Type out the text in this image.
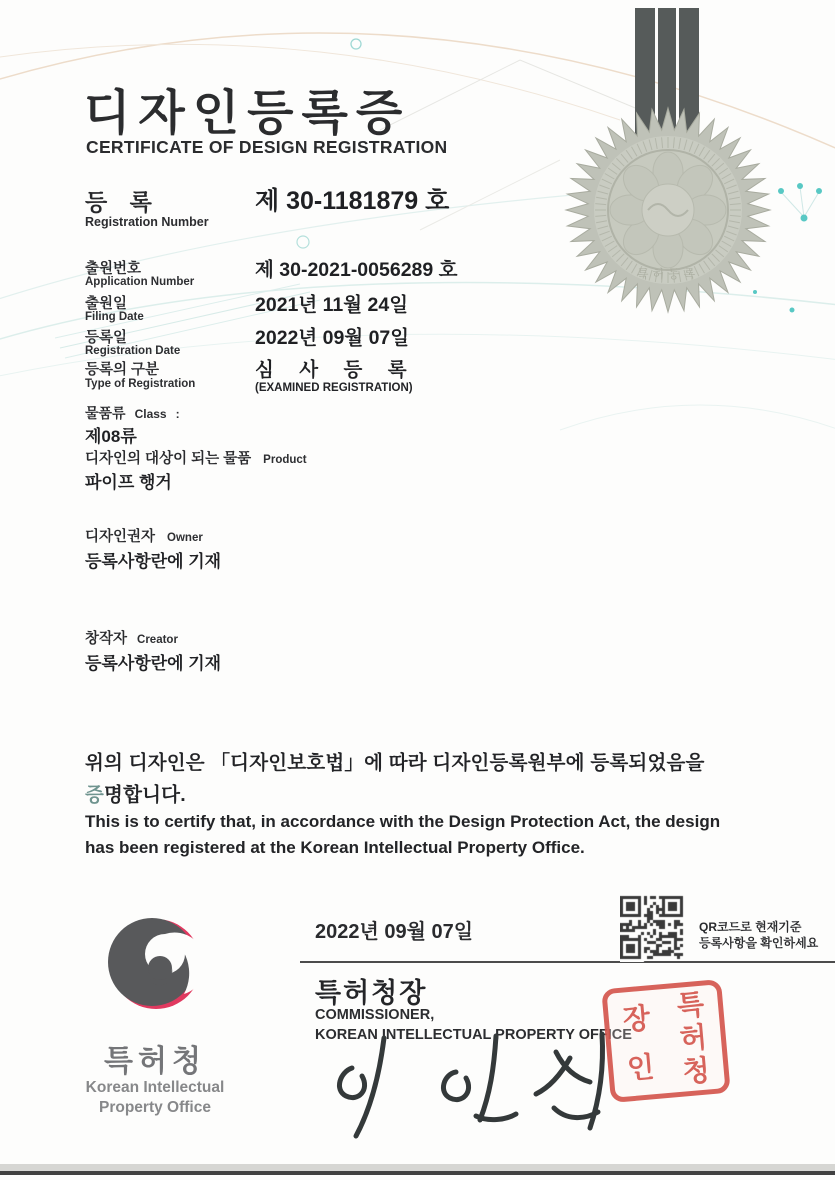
특허등록
디자인등록증
CERTIFICATE OF DESIGN REGISTRATION
등 록
Registration Number
제 30-1181879 호
출원번호
Application Number
제 30-2021-0056289 호
출원일
Filing Date
2021년 11월 24일
등록일
Registration Date
2022년 09월 07일
등록의 구분
Type of Registration
심 사 등 록
(EXAMINED REGISTRATION)
물품류 Class :
제08류
디자인의 대상이 되는 물품 Product
파이프 행거
디자인권자 Owner
등록사항란에 기재
창작자 Creator
등록사항란에 기재
위의 디자인은 「디자인보호법」에 따라 디자인등록원부에 등록되었음을
증명합니다.
This is to certify that, in accordance with the Design Protection Act, the design
has been registered at the Korean Intellectual Property Office.
2022년 09월 07일	QR코드로 현재기준
등록사항을 확인하세요
특허청장
COMMISSIONER,
KOREAN INTELLECTUAL PROPERTY OFFICE
특
허
청
장
인
특허청
Korean Intellectual
Property Office
